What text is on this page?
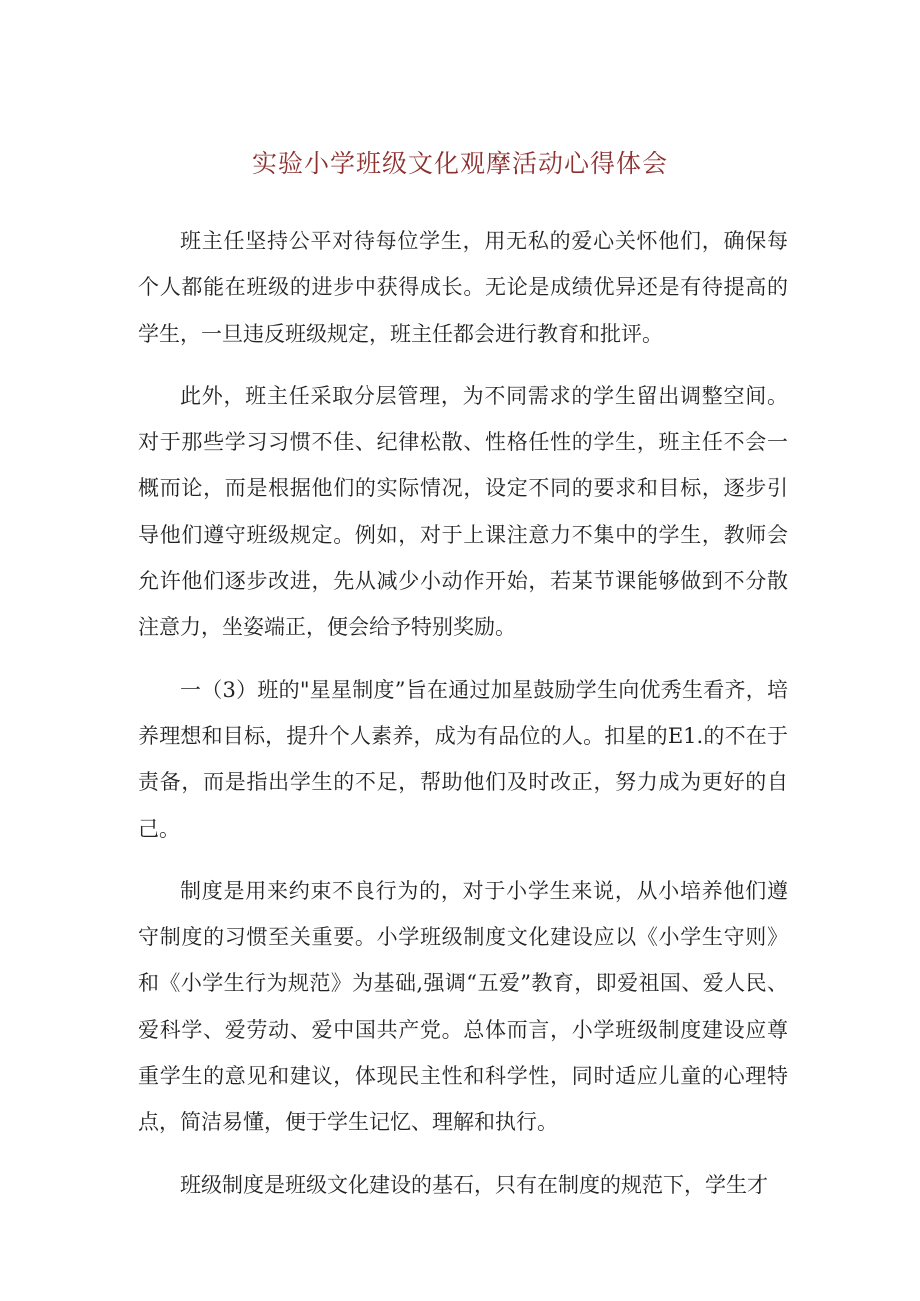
实验小学班级文化观摩活动心得体会

班主任坚持公平对待每位学生，用无私的爱心关怀他们，确保每个人都能在班级的进步中获得成长。无论是成绩优异还是有待提高的学生，一旦违反班级规定，班主任都会进行教育和批评。

此外，班主任采取分层管理，为不同需求的学生留出调整空间。对于那些学习习惯不佳、纪律松散、性格任性的学生，班主任不会一概而论，而是根据他们的实际情况，设定不同的要求和目标，逐步引导他们遵守班级规定。例如，对于上课注意力不集中的学生，教师会允许他们逐步改进，先从减少小动作开始，若某节课能够做到不分散注意力，坐姿端正，便会给予特别奖励。

一（3）班的"星星制度”旨在通过加星鼓励学生向优秀生看齐，培养理想和目标，提升个人素养，成为有品位的人。扣星的E1.的不在于责备，而是指出学生的不足，帮助他们及时改正，努力成为更好的自己。

制度是用来约束不良行为的，对于小学生来说，从小培养他们遵守制度的习惯至关重要。小学班级制度文化建设应以《小学生守则》和《小学生行为规范》为基础,强调“五爱”教育，即爱祖国、爱人民、爱科学、爱劳动、爱中国共产党。总体而言，小学班级制度建设应尊重学生的意见和建议，体现民主性和科学性，同时适应儿童的心理特点，简洁易懂，便于学生记忆、理解和执行。

班级制度是班级文化建设的基石，只有在制度的规范下，学生才
